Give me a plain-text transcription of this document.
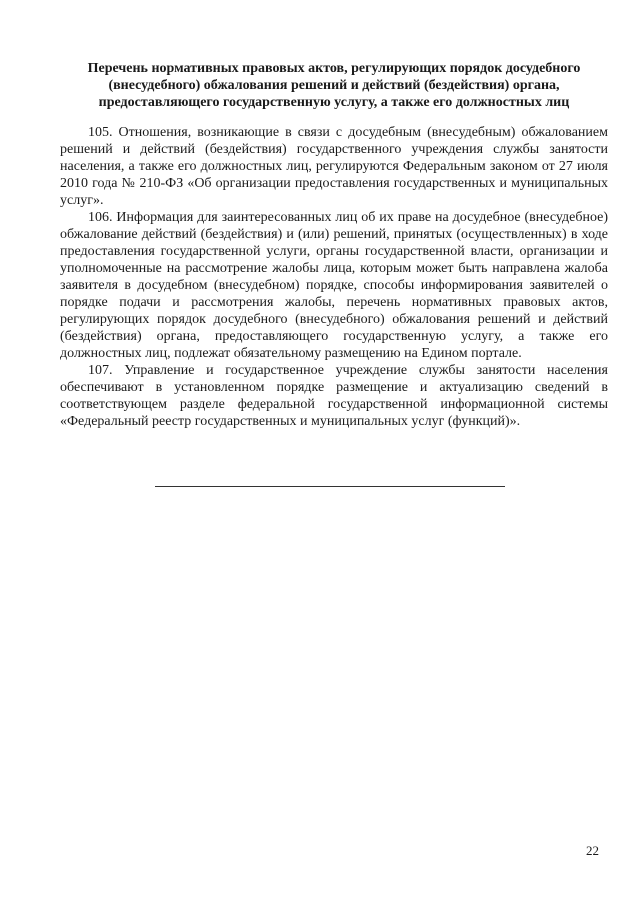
Перечень нормативных правовых актов, регулирующих порядок досудебного (внесудебного) обжалования решений и действий (бездействия) органа, предоставляющего государственную услугу, а также его должностных лиц

105. Отношения, возникающие в связи с досудебным (внесудебным) обжалованием решений и действий (бездействия) государственного учреждения службы занятости населения, а также его должностных лиц, регулируются Федеральным законом от 27 июля 2010 года № 210-ФЗ «Об организации предоставления государственных и муниципальных услуг».

106. Информация для заинтересованных лиц об их праве на досудебное (внесудебное) обжалование действий (бездействия) и (или) решений, принятых (осуществленных) в ходе предоставления государственной услуги, органы государственной власти, организации и уполномоченные на рассмотрение жалобы лица, которым может быть направлена жалоба заявителя в досудебном (внесудебном) порядке, способы информирования заявителей о порядке подачи и рассмотрения жалобы, перечень нормативных правовых актов, регулирующих порядок досудебного (внесудебного) обжалования решений и действий (бездействия) органа, предоставляющего государственную услугу, а также его должностных лиц, подлежат обязательному размещению на Едином портале.

107. Управление и государственное учреждение службы занятости населения обеспечивают в установленном порядке размещение и актуализацию сведений в соответствующем разделе федеральной государственной информационной системы «Федеральный реестр государственных и муниципальных услуг (функций)».

22
